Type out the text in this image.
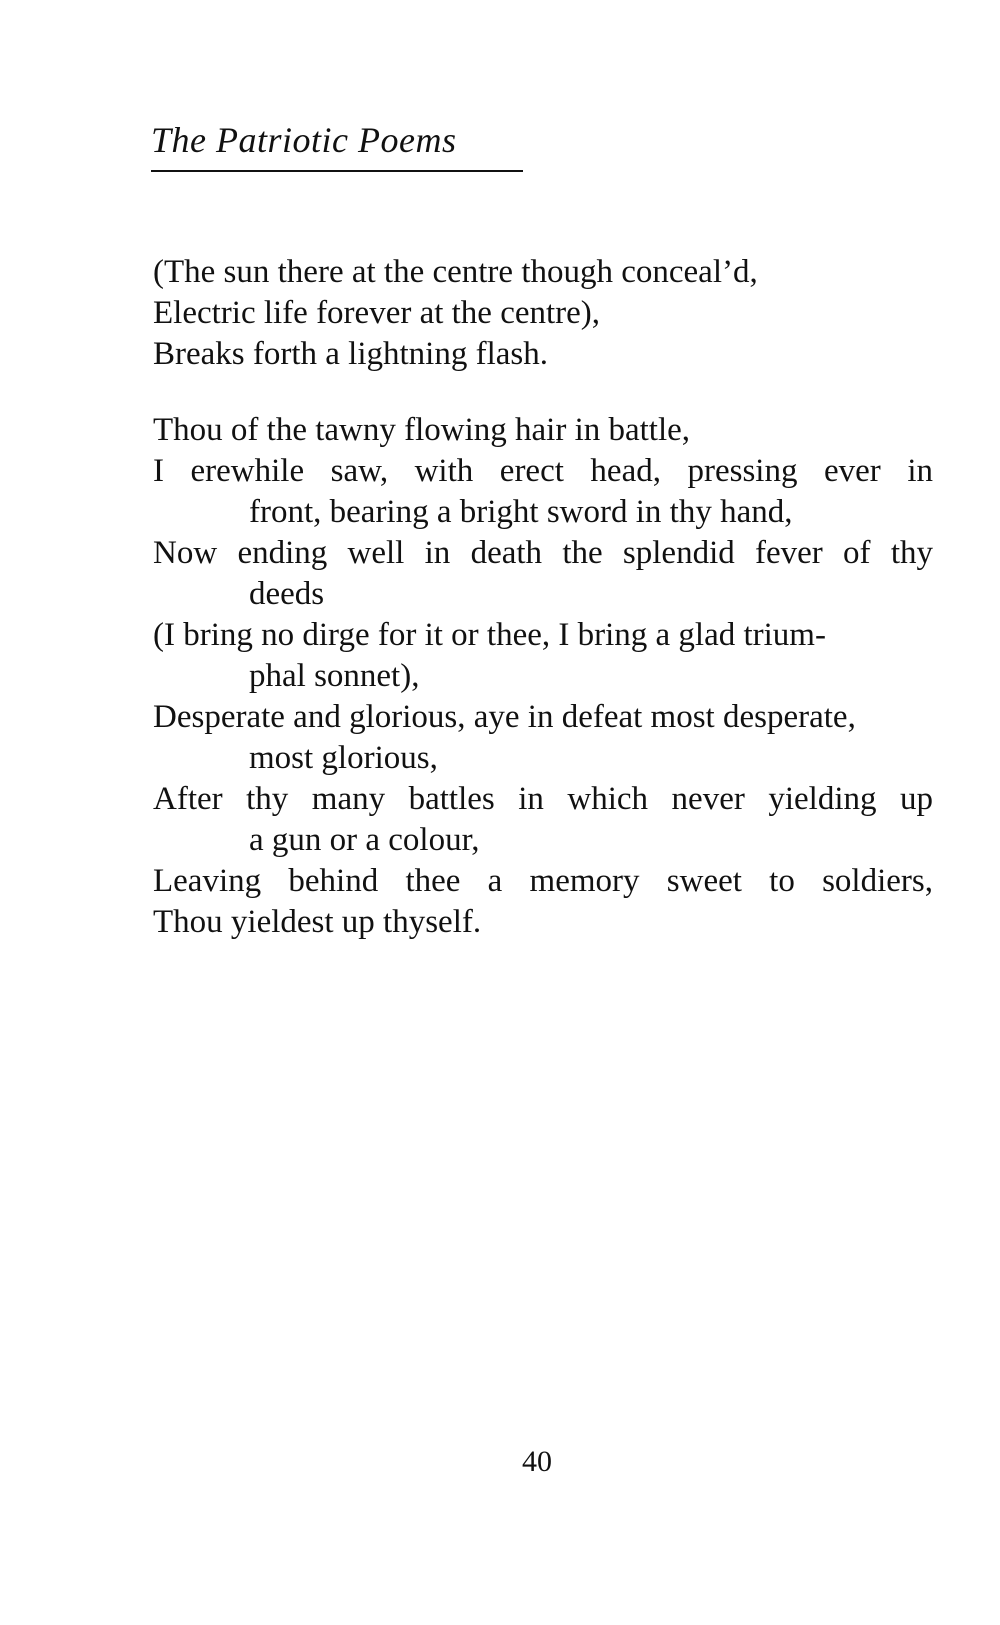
The Patriotic Poems
(The sun there at the centre though conceal’d,
Electric life forever at the centre),
Breaks forth a lightning flash.
Thou of the tawny flowing hair in battle,
I erewhile saw, with erect head, pressing ever in
front, bearing a bright sword in thy hand,
Now ending well in death the splendid fever of thy
deeds
(I bring no dirge for it or thee, I bring a glad trium-
phal sonnet),
Desperate and glorious, aye in defeat most desperate,
most glorious,
After thy many battles in which never yielding up
a gun or a colour,
Leaving behind thee a memory sweet to soldiers,
Thou yieldest up thyself.
40
